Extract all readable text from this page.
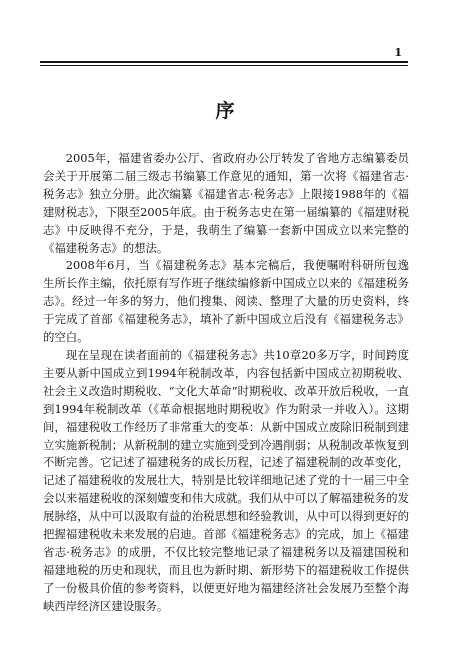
1
序

2005年，福建省委办公厅、省政府办公厅转发了省地方志编纂委员会关于开展第二届三级志书编纂工作意见的通知，第一次将《福建省志·税务志》独立分册。此次编纂《福建省志·税务志》上限接1988年的《福建财税志》，下限至2005年底。由于税务志史在第一届编纂的《福建财税志》中反映得不充分，于是，我萌生了编纂一套新中国成立以来完整的《福建税务志》的想法。

2008年6月，当《福建税务志》基本完稿后，我便嘱咐科研所包逸生所长作主编，依托原有写作班子继续编修新中国成立以来的《福建税务志》。经过一年多的努力，他们搜集、阅读、整理了大量的历史资料，终于完成了首部《福建税务志》，填补了新中国成立后没有《福建税务志》的空白。

现在呈现在读者面前的《福建税务志》共10章20多万字，时间跨度主要从新中国成立到1994年税制改革，内容包括新中国成立初期税收、社会主义改造时期税收、“文化大革命”时期税收、改革开放后税收，一直到1994年税制改革（《革命根据地时期税收》作为附录一并收入）。这期间，福建税收工作经历了非常重大的变革：从新中国成立废除旧税制到建立实施新税制；从新税制的建立实施到受到冷遇削弱；从税制改革恢复到不断完善。它记述了福建税务的成长历程，记述了福建税制的改革变化，记述了福建税收的发展壮大，特别是比较详细地记述了党的十一届三中全会以来福建税收的深刻嬗变和伟大成就。我们从中可以了解福建税务的发展脉络，从中可以汲取有益的治税思想和经验教训，从中可以得到更好的把握福建税收未来发展的启迪。首部《福建税务志》的完成，加上《福建省志·税务志》的成册，不仅比较完整地记录了福建税务以及福建国税和福建地税的历史和现状，而且也为新时期、新形势下的福建税收工作提供了一份极具价值的参考资料，以便更好地为福建经济社会发展乃至整个海峡西岸经济区建设服务。
